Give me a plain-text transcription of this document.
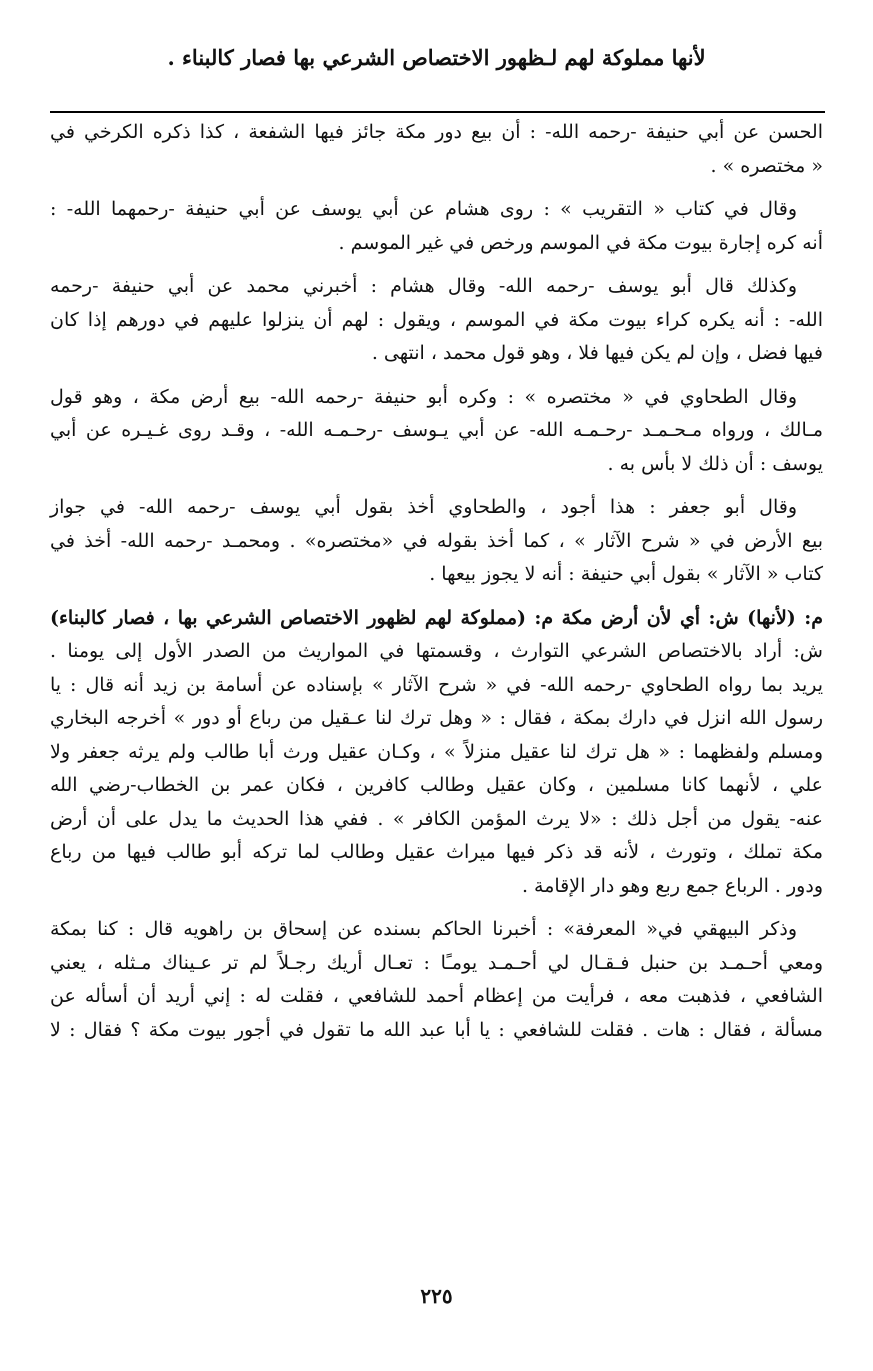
لأنها مملوكة لهم لـظهور الاختصاص الشرعي بها فصار كالبناء .
الحسن عن أبي حنيفة -رحمه الله- : أن بيع دور مكة جائز فيها الشفعة ، كذا ذكره الكرخي في
« مختصره » .
وقال في كتاب « التقريب » : روى هشام عن أبي يوسف عن أبي حنيفة -رحمهما الله- :
أنه كره إجارة بيوت مكة في الموسم ورخص في غير الموسم .
وكذلك قال أبو يوسف -رحمه الله- وقال هشام : أخبرني محمد عن أبي حنيفة -رحمه
الله- : أنه يكره كراء بيوت مكة في الموسم ، ويقول : لهم أن ينزلوا عليهم في دورهم إذا كان
فيها فضل ، وإن لم يكن فيها فلا ، وهو قول محمد ، انتهى .
وقال الطحاوي في « مختصره » : وكره أبو حنيفة -رحمه الله- بيع أرض مكة ، وهو قول
مـالك ، ورواه مـحـمـد -رحـمـه الله- عن أبي يـوسف -رحـمـه الله- ، وقـد روى غـيـره عن أبي
يوسف : أن ذلك لا بأس به .
وقال أبو جعفر : هذا أجود ، والطحاوي أخذ بقول أبي يوسف -رحمه الله- في جواز
بيع الأرض في « شرح الآثار » ، كما أخذ بقوله في «مختصره» . ومحمـد -رحمه الله- أخذ في
كتاب « الآثار » بقول أبي حنيفة : أنه لا يجوز بيعها .
م: (لأنها) ش: أي لأن أرض مكة م: (مملوكة لهم لظهور الاختصاص الشرعي بها ، فصار كالبناء)
ش: أراد بالاختصاص الشرعي التوارث ، وقسمتها في المواريث من الصدر الأول إلى يومنا .
يريد بما رواه الطحاوي -رحمه الله- في « شرح الآثار » بإسناده عن أسامة بن زيد أنه قال : يا
رسول الله انزل في دارك بمكة ، فقال : « وهل ترك لنا عـقيل من رباع أو دور » أخرجه البخاري
ومسلم ولفظهما : « هل ترك لنا عقيل منزلاً » ، وكـان عقيل ورث أبا طالب ولم يرثه جعفر ولا
علي ، لأنهما كانا مسلمين ، وكان عقيل وطالب كافرين ، فكان عمر بن الخطاب-رضي الله
عنه- يقول من أجل ذلك : «لا يرث المؤمن الكافر » . ففي هذا الحديث ما يدل على أن أرض
مكة تملك ، وتورث ، لأنه قد ذكر فيها ميراث عقيل وطالب لما تركه أبو طالب فيها من رباع
ودور . الرباع جمع ربع وهو دار الإقامة .
وذكر البيهقي في« المعرفة» : أخبرنا الحاكم بسنده عن إسحاق بن راهويه قال : كنا بمكة
ومعي أحـمـد بن حنبل فـقـال لي أحـمـد يومـًا : تعـال أريك رجـلاً لم تر عـيناك مـثله ، يعني
الشافعي ، فذهبت معه ، فرأيت من إعظام أحمد للشافعي ، فقلت له : إني أريد أن أسأله عن
مسألة ، فقال : هات . فقلت للشافعي : يا أبا عبد الله ما تقول في أجور بيوت مكة ؟ فقال : لا
٢٢٥
